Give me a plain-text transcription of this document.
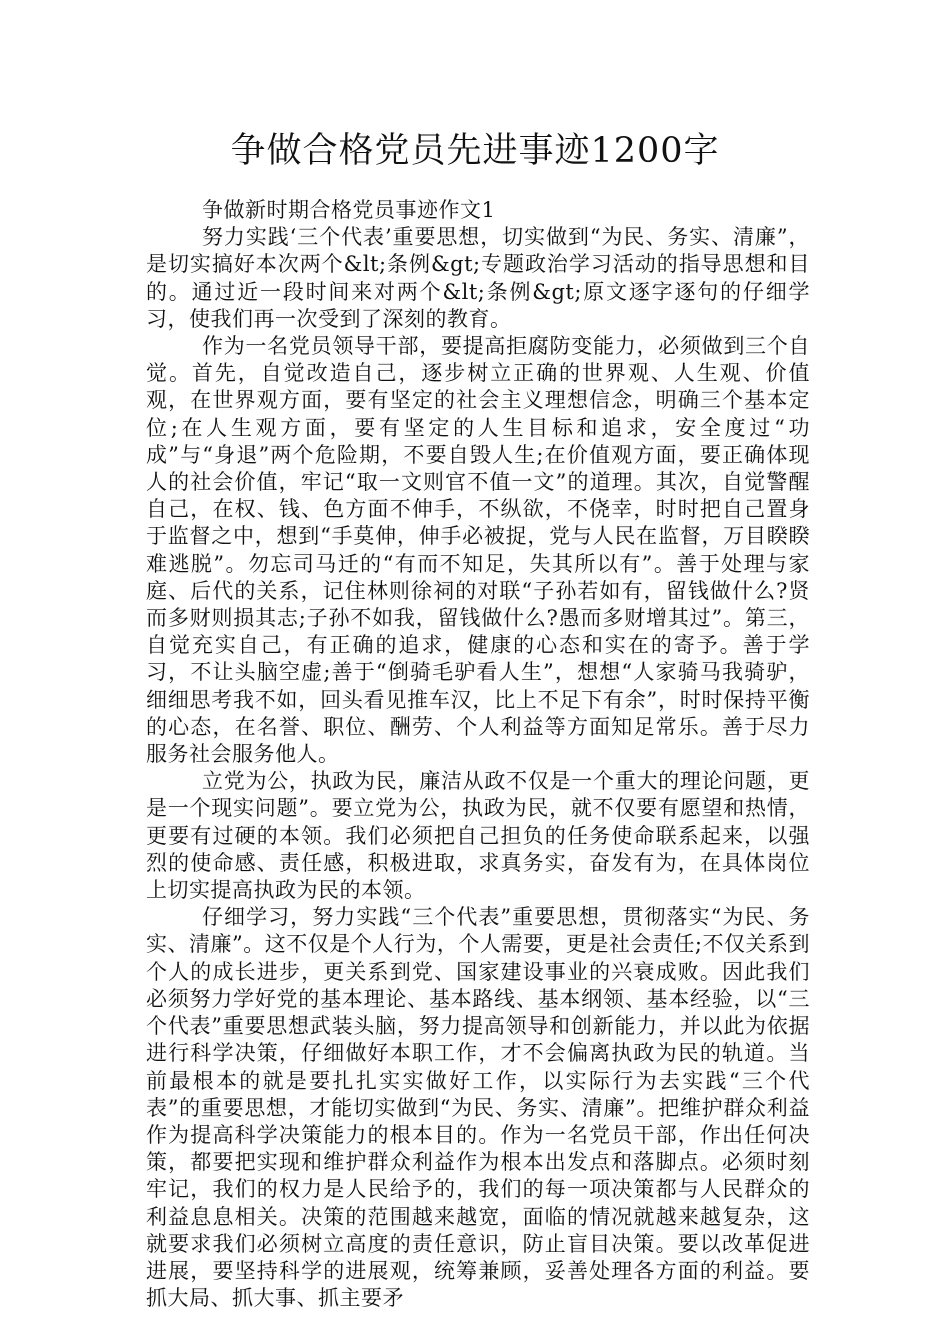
争做合格党员先进事迹1200字

争做新时期合格党员事迹作文1

努力实践‘三个代表’重要思想，切实做到“为民、务实、清廉”，是切实搞好本次两个&lt;条例&gt;专题政治学习活动的指导思想和目的。通过近一段时间来对两个&lt;条例&gt;原文逐字逐句的仔细学习，使我们再一次受到了深刻的教育。

作为一名党员领导干部，要提高拒腐防变能力，必须做到三个自觉。首先，自觉改造自己，逐步树立正确的世界观、人生观、价值观，在世界观方面，要有坚定的社会主义理想信念，明确三个基本定位;在人生观方面，要有坚定的人生目标和追求，安全度过“功成”与“身退”两个危险期，不要自毁人生;在价值观方面，要正确体现人的社会价值，牢记“取一文则官不值一文”的道理。其次，自觉警醒自己，在权、钱、色方面不伸手，不纵欲，不侥幸，时时把自己置身于监督之中，想到“手莫伸，伸手必被捉，党与人民在监督，万目睽睽难逃脱”。勿忘司马迁的“有而不知足，失其所以有”。善于处理与家庭、后代的关系，记住林则徐祠的对联“子孙若如有，留钱做什么?贤而多财则损其志;子孙不如我，留钱做什么?愚而多财增其过”。第三，自觉充实自己，有正确的追求，健康的心态和实在的寄予。善于学习，不让头脑空虚;善于“倒骑毛驴看人生”，想想“人家骑马我骑驴，细细思考我不如，回头看见推车汉，比上不足下有余”，时时保持平衡的心态，在名誉、职位、酬劳、个人利益等方面知足常乐。善于尽力服务社会服务他人。

立党为公，执政为民，廉洁从政不仅是一个重大的理论问题，更是一个现实问题”。要立党为公，执政为民，就不仅要有愿望和热情，更要有过硬的本领。我们必须把自己担负的任务使命联系起来，以强烈的使命感、责任感，积极进取，求真务实，奋发有为，在具体岗位上切实提高执政为民的本领。

仔细学习，努力实践“三个代表”重要思想，贯彻落实“为民、务实、清廉”。这不仅是个人行为，个人需要，更是社会责任;不仅关系到个人的成长进步，更关系到党、国家建设事业的兴衰成败。因此我们必须努力学好党的基本理论、基本路线、基本纲领、基本经验，以“三个代表”重要思想武装头脑，努力提高领导和创新能力，并以此为依据进行科学决策，仔细做好本职工作，才不会偏离执政为民的轨道。当前最根本的就是要扎扎实实做好工作，以实际行为去实践“三个代表”的重要思想，才能切实做到“为民、务实、清廉”。把维护群众利益作为提高科学决策能力的根本目的。作为一名党员干部，作出任何决策，都要把实现和维护群众利益作为根本出发点和落脚点。必须时刻牢记，我们的权力是人民给予的，我们的每一项决策都与人民群众的利益息息相关。决策的范围越来越宽，面临的情况就越来越复杂，这就要求我们必须树立高度的责任意识，防止盲目决策。要以改革促进进展，要坚持科学的进展观，统筹兼顾，妥善处理各方面的利益。要抓大局、抓大事、抓主要矛
